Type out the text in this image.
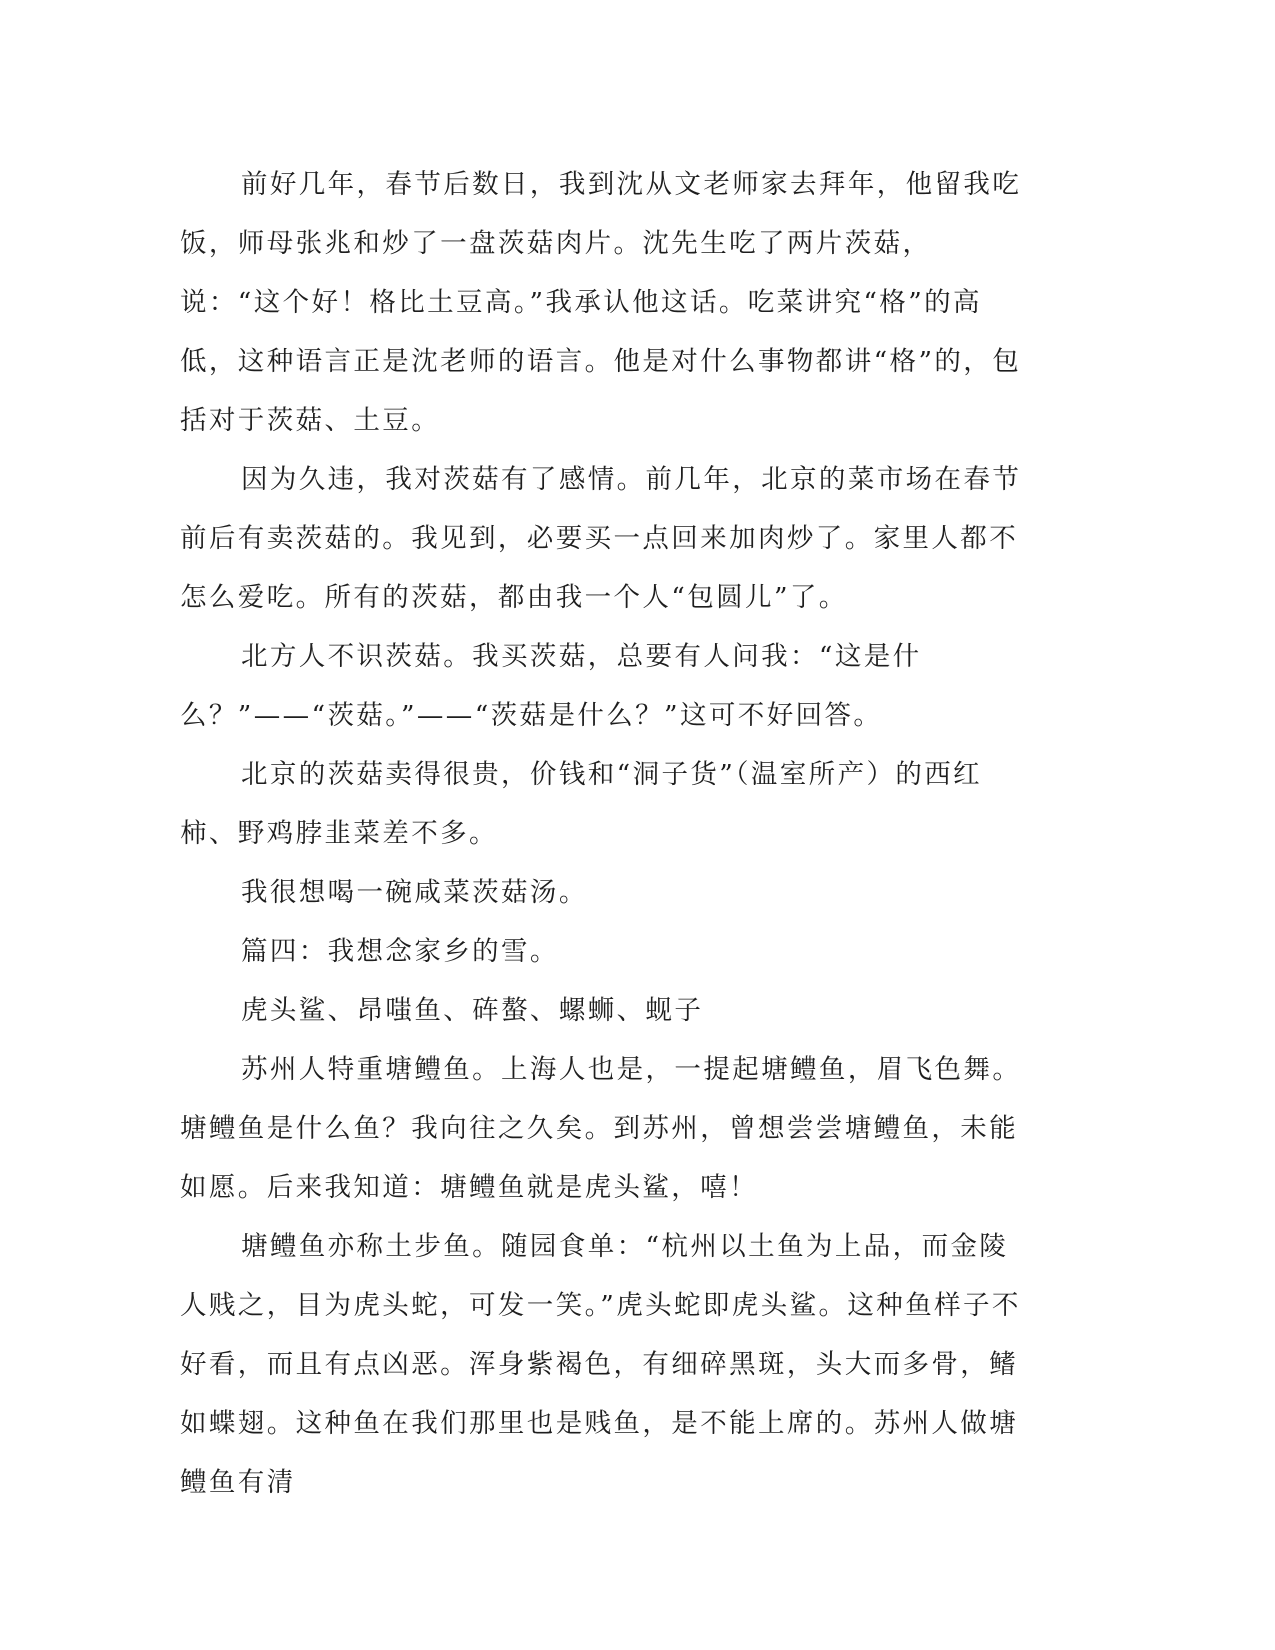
前好几年，春节后数日，我到沈从文老师家去拜年，他留我吃饭，师母张兆和炒了一盘茨菇肉片。沈先生吃了两片茨菇，说：“这个好！格比土豆高。”我承认他这话。吃菜讲究“格”的高低，这种语言正是沈老师的语言。他是对什么事物都讲“格”的，包括对于茨菇、土豆。

因为久违，我对茨菇有了感情。前几年，北京的菜市场在春节前后有卖茨菇的。我见到，必要买一点回来加肉炒了。家里人都不怎么爱吃。所有的茨菇，都由我一个人“包圆儿”了。

北方人不识茨菇。我买茨菇，总要有人问我：“这是什么？”——“茨菇。”——“茨菇是什么？”这可不好回答。

北京的茨菇卖得很贵，价钱和“洞子货”（温室所产）的西红柿、野鸡脖韭菜差不多。

我很想喝一碗咸菜茨菇汤。

篇四：我想念家乡的雪。

虎头鲨、昂嗤鱼、砗螯、螺蛳、蚬子

苏州人特重塘鳢鱼。上海人也是，一提起塘鳢鱼，眉飞色舞。塘鳢鱼是什么鱼？我向往之久矣。到苏州，曾想尝尝塘鳢鱼，未能如愿。后来我知道：塘鳢鱼就是虎头鲨，嘻！

塘鳢鱼亦称土步鱼。随园食单：“杭州以土鱼为上品，而金陵人贱之，目为虎头蛇，可发一笑。”虎头蛇即虎头鲨。这种鱼样子不好看，而且有点凶恶。浑身紫褐色，有细碎黑斑，头大而多骨，鳍如蝶翅。这种鱼在我们那里也是贱鱼，是不能上席的。苏州人做塘鳢鱼有清
